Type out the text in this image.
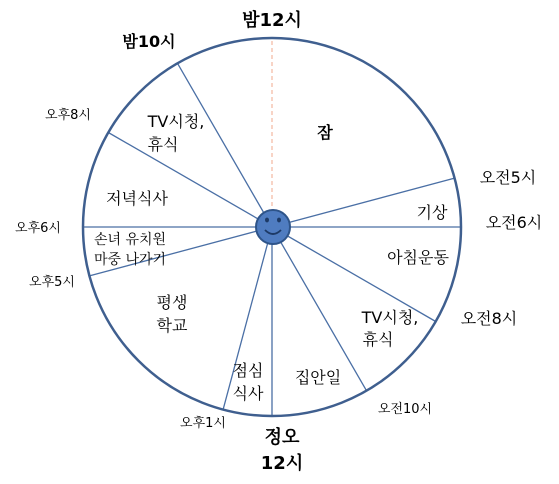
밤12시
밤10시
오후8시
오후6시
오후5시
오전5시
오전6시
오전8시
오전10시
오후1시
정오
12시
잠
기상
아침운동
TV시청,
휴식
집안일
점심
식사
평생
학교
손녀 유치원
마중 나가기
저녁식사
TV시청,
휴식
